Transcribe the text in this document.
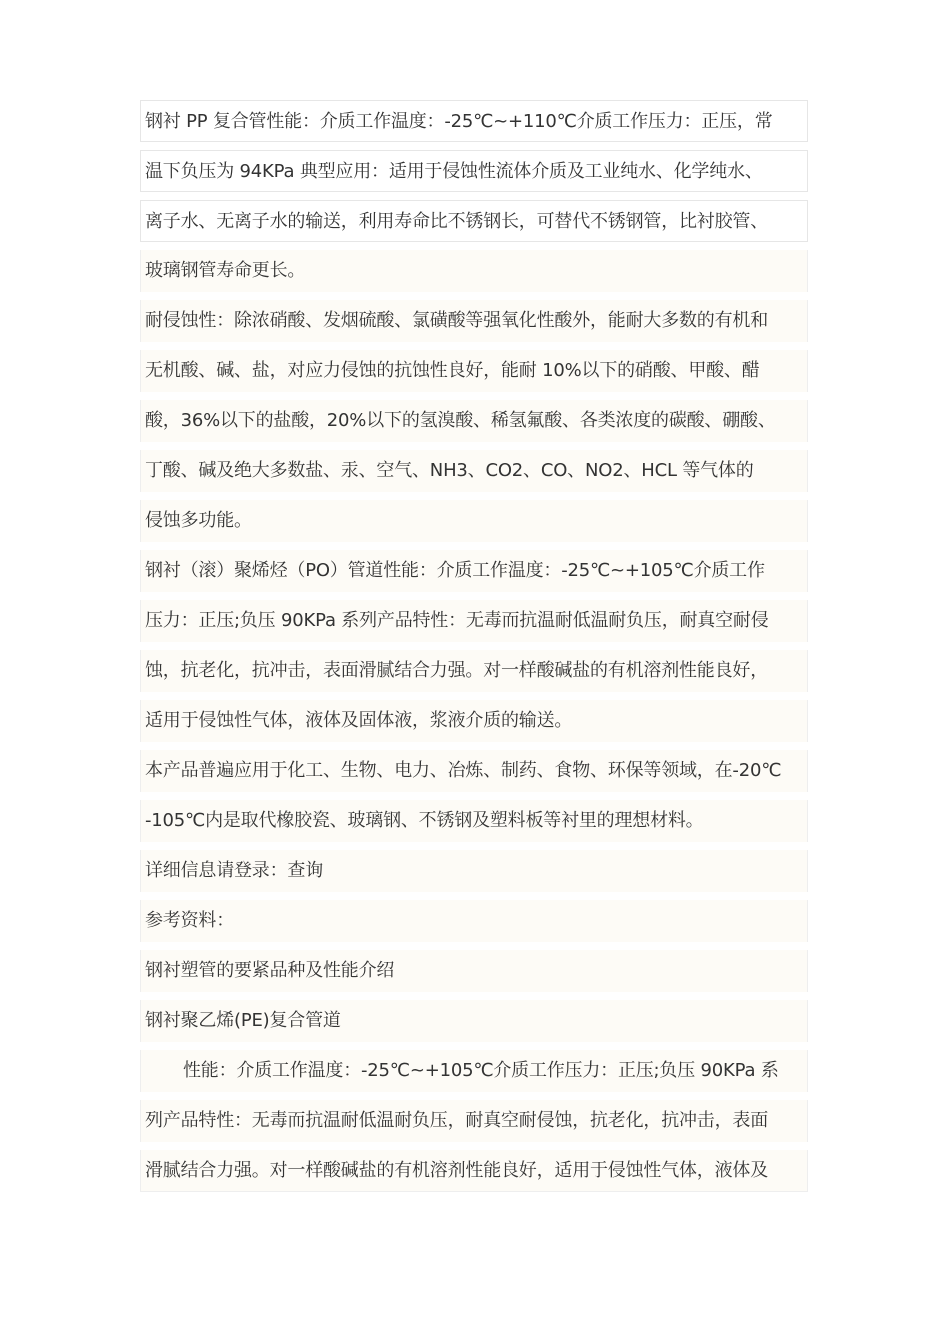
钢衬 PP 复合管性能：介质工作温度：-25℃~+110℃介质工作压力：正压，常
温下负压为 94KPa 典型应用：适用于侵蚀性流体介质及工业纯水、化学纯水、
离子水、无离子水的输送，利用寿命比不锈钢长，可替代不锈钢管，比衬胶管、
玻璃钢管寿命更长。
耐侵蚀性：除浓硝酸、发烟硫酸、氯磺酸等强氧化性酸外，能耐大多数的有机和
无机酸、碱、盐，对应力侵蚀的抗蚀性良好，能耐 10%以下的硝酸、甲酸、醋
酸，36%以下的盐酸，20%以下的氢溴酸、稀氢氟酸、各类浓度的碳酸、硼酸、
丁酸、碱及绝大多数盐、汞、空气、NH3、CO2、CO、NO2、HCL 等气体的
侵蚀多功能。
钢衬（滚）聚烯烃（PO）管道性能：介质工作温度：-25℃~+105℃介质工作
压力：正压;负压 90KPa 系列产品特性：无毒而抗温耐低温耐负压，耐真空耐侵
蚀，抗老化，抗冲击，表面滑腻结合力强。对一样酸碱盐的有机溶剂性能良好，
适用于侵蚀性气体，液体及固体液，浆液介质的输送。
本产品普遍应用于化工、生物、电力、冶炼、制药、食物、环保等领域，在-20℃
-105℃内是取代橡胶瓷、玻璃钢、不锈钢及塑料板等衬里的理想材料。
详细信息请登录：查询
参考资料：
钢衬塑管的要紧品种及性能介绍
钢衬聚乙烯(PE)复合管道
性能：介质工作温度：-25℃~+105℃介质工作压力：正压;负压 90KPa 系
列产品特性：无毒而抗温耐低温耐负压，耐真空耐侵蚀，抗老化，抗冲击，表面
滑腻结合力强。对一样酸碱盐的有机溶剂性能良好，适用于侵蚀性气体，液体及
